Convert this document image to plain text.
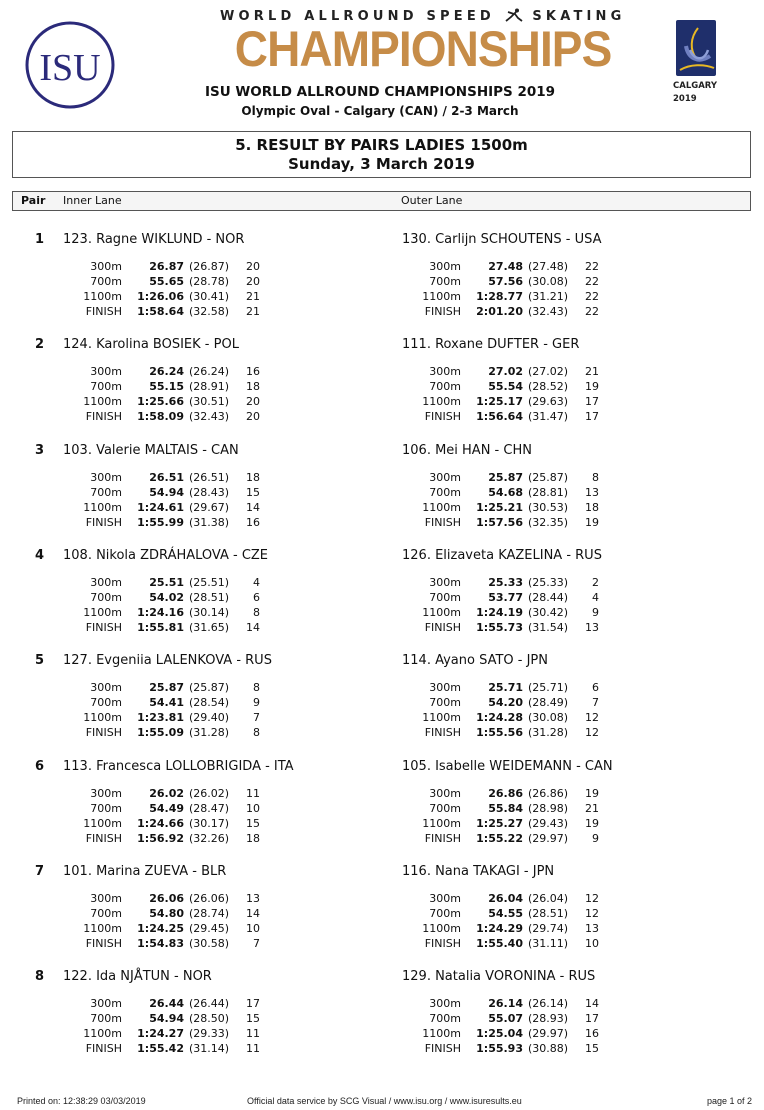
ISU
WORLD ALLROUND SPEED	SKATING
CHAMPIONSHIPS
ISU WORLD ALLROUND CHAMPIONSHIPS 2019
Olympic Oval - Calgary (CAN) / 2-3 March
CALGARY
2019
5. RESULT BY PAIRS LADIES 1500m
Sunday, 3 March 2019
Pair Inner Lane	Outer Lane
1 123. Ragne WIKLUND - NOR
300m 26.87 (26.87)	20
700m 55.65 (28.78)	20
1100m 1:26.06 (30.41)	21
FINISH 1:58.64 (32.58)	21
130. Carlijn SCHOUTENS - USA
300m 27.48 (27.48)	22
700m 57.56 (30.08)	22
1100m 1:28.77 (31.21)	22
FINISH 2:01.20 (32.43)	22
2 124. Karolina BOSIEK - POL
300m 26.24 (26.24)	16
700m 55.15 (28.91)	18
1100m 1:25.66 (30.51)	20
FINISH 1:58.09 (32.43)	20
111. Roxane DUFTER - GER
300m 27.02 (27.02)	21
700m 55.54 (28.52)	19
1100m 1:25.17 (29.63)	17
FINISH 1:56.64 (31.47)	17
3 103. Valerie MALTAIS - CAN
300m 26.51 (26.51)	18
700m 54.94 (28.43)	15
1100m 1:24.61 (29.67)	14
FINISH 1:55.99 (31.38)	16
106. Mei HAN - CHN
300m 25.87 (25.87)	8
700m 54.68 (28.81)	13
1100m 1:25.21 (30.53)	18
FINISH 1:57.56 (32.35)	19
4 108. Nikola ZDRÁHALOVA - CZE
300m 25.51 (25.51)	4
700m 54.02 (28.51)	6
1100m 1:24.16 (30.14)	8
FINISH 1:55.81 (31.65)	14
126. Elizaveta KAZELINA - RUS
300m 25.33 (25.33)	2
700m 53.77 (28.44)	4
1100m 1:24.19 (30.42)	9
FINISH 1:55.73 (31.54)	13
5 127. Evgeniia LALENKOVA - RUS
300m 25.87 (25.87)	8
700m 54.41 (28.54)	9
1100m 1:23.81 (29.40)	7
FINISH 1:55.09 (31.28)	8
114. Ayano SATO - JPN
300m 25.71 (25.71)	6
700m 54.20 (28.49)	7
1100m 1:24.28 (30.08)	12
FINISH 1:55.56 (31.28)	12
6 113. Francesca LOLLOBRIGIDA - ITA
300m 26.02 (26.02)	11
700m 54.49 (28.47)	10
1100m 1:24.66 (30.17)	15
FINISH 1:56.92 (32.26)	18
105. Isabelle WEIDEMANN - CAN
300m 26.86 (26.86)	19
700m 55.84 (28.98)	21
1100m 1:25.27 (29.43)	19
FINISH 1:55.22 (29.97)	9
7 101. Marina ZUEVA - BLR
300m 26.06 (26.06)	13
700m 54.80 (28.74)	14
1100m 1:24.25 (29.45)	10
FINISH 1:54.83 (30.58)	7
116. Nana TAKAGI - JPN
300m 26.04 (26.04)	12
700m 54.55 (28.51)	12
1100m 1:24.29 (29.74)	13
FINISH 1:55.40 (31.11)	10
8 122. Ida NJÅTUN - NOR
300m 26.44 (26.44)	17
700m 54.94 (28.50)	15
1100m 1:24.27 (29.33)	11
FINISH 1:55.42 (31.14)	11
129. Natalia VORONINA - RUS
300m 26.14 (26.14)	14
700m 55.07 (28.93)	17
1100m 1:25.04 (29.97)	16
FINISH 1:55.93 (30.88)	15
Printed on: 12:38:29 03/03/2019	Official data service by SCG Visual / www.isu.org / www.isuresults.eu	page 1 of 2
